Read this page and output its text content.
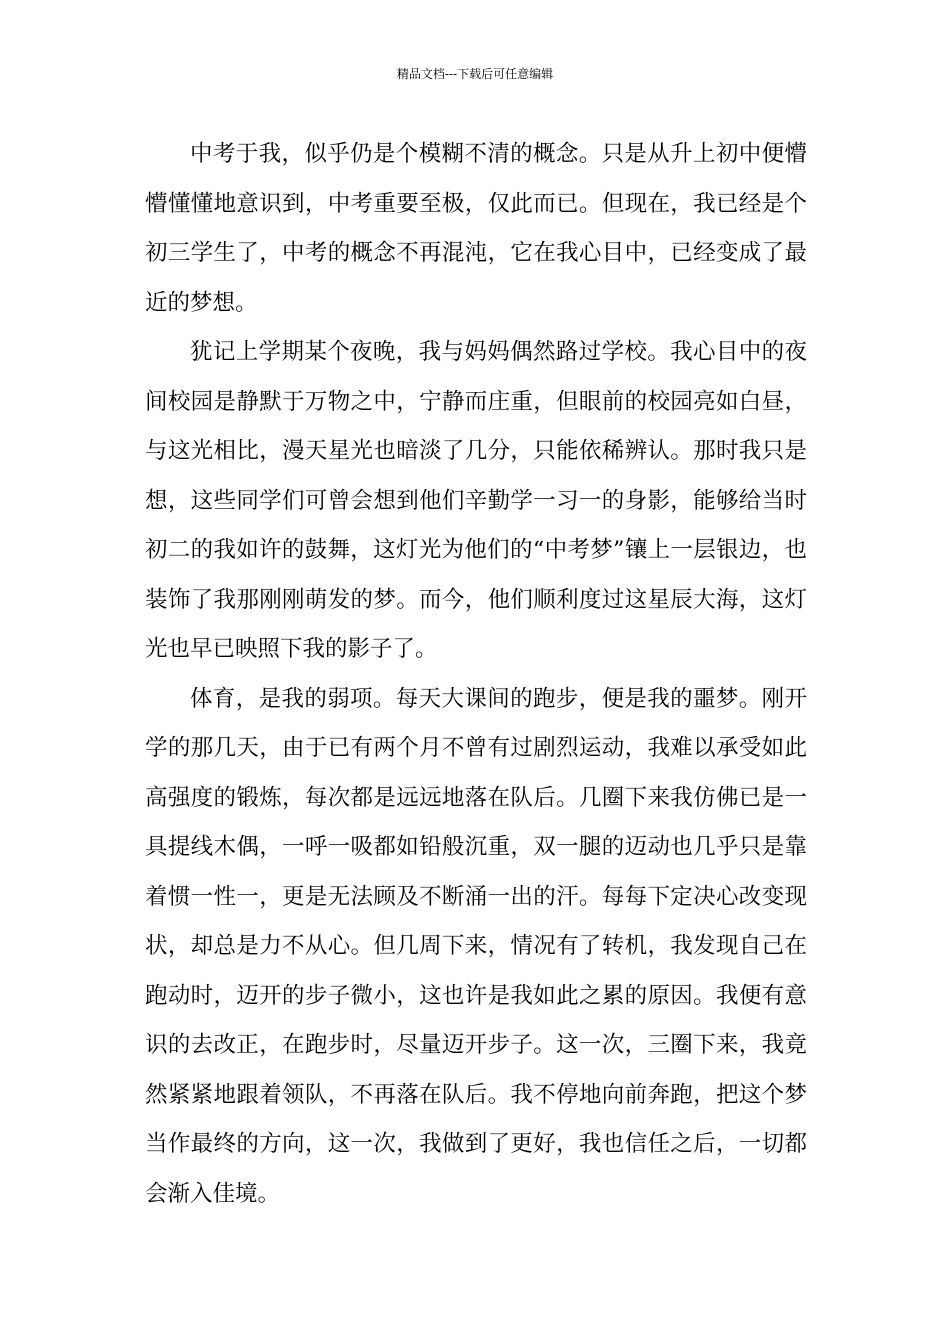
精品文档---下载后可任意编辑

中考于我，似乎仍是个模糊不清的概念。只是从升上初中便懵懵懂懂地意识到，中考重要至极，仅此而已。但现在，我已经是个初三学生了，中考的概念不再混沌，它在我心目中，已经变成了最近的梦想。

犹记上学期某个夜晚，我与妈妈偶然路过学校。我心目中的夜间校园是静默于万物之中，宁静而庄重，但眼前的校园亮如白昼，与这光相比，漫天星光也暗淡了几分，只能依稀辨认。那时我只是想，这些同学们可曾会想到他们辛勤学一习一的身影，能够给当时初二的我如许的鼓舞，这灯光为他们的“中考梦”镶上一层银边，也装饰了我那刚刚萌发的梦。而今，他们顺利度过这星辰大海，这灯光也早已映照下我的影子了。

体育，是我的弱项。每天大课间的跑步，便是我的噩梦。刚开学的那几天，由于已有两个月不曾有过剧烈运动，我难以承受如此高强度的锻炼，每次都是远远地落在队后。几圈下来我仿佛已是一具提线木偶，一呼一吸都如铅般沉重，双一腿的迈动也几乎只是靠着惯一性一，更是无法顾及不断涌一出的汗。每每下定决心改变现状，却总是力不从心。但几周下来，情况有了转机，我发现自己在跑动时，迈开的步子微小，这也许是我如此之累的原因。我便有意识的去改正，在跑步时，尽量迈开步子。这一次，三圈下来，我竟然紧紧地跟着领队，不再落在队后。我不停地向前奔跑，把这个梦当作最终的方向，这一次，我做到了更好，我也信任之后，一切都会渐入佳境。
